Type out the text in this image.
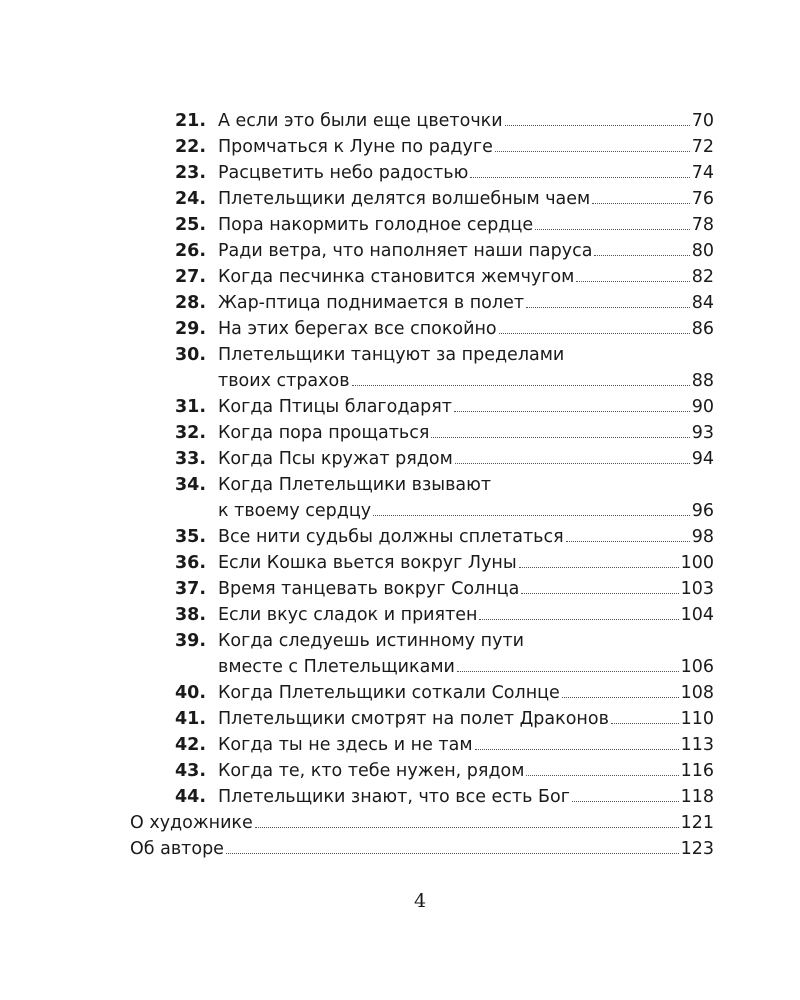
21. А если это были еще цветочки	70
22. Промчаться к Луне по радуге	72
23. Расцветить небо радостью	74
24. Плетельщики делятся волшебным чаем	76
25. Пора накормить голодное сердце	78
26. Ради ветра, что наполняет наши паруса	80
27. Когда песчинка становится жемчугом	82
28. Жар-птица поднимается в полет	84
29. На этих берегах все спокойно	86
30. Плетельщики танцуют за пределами
твоих страхов	88
31. Когда Птицы благодарят	90
32. Когда пора прощаться	93
33. Когда Псы кружат рядом	94
34. Когда Плетельщики взывают
к твоему сердцу	96
35. Все нити судьбы должны сплетаться	98
36. Если Кошка вьется вокруг Луны	100
37. Время танцевать вокруг Солнца	103
38. Если вкус сладок и приятен	104
39. Когда следуешь истинному пути
вместе с Плетельщиками	106
40. Когда Плетельщики соткали Солнце	108
41. Плетельщики смотрят на полет Драконов	110
42. Когда ты не здесь и не там	113
43. Когда те, кто тебе нужен, рядом	116
44. Плетельщики знают, что все есть Бог	118
О художнике	121
Об авторе	123
4
